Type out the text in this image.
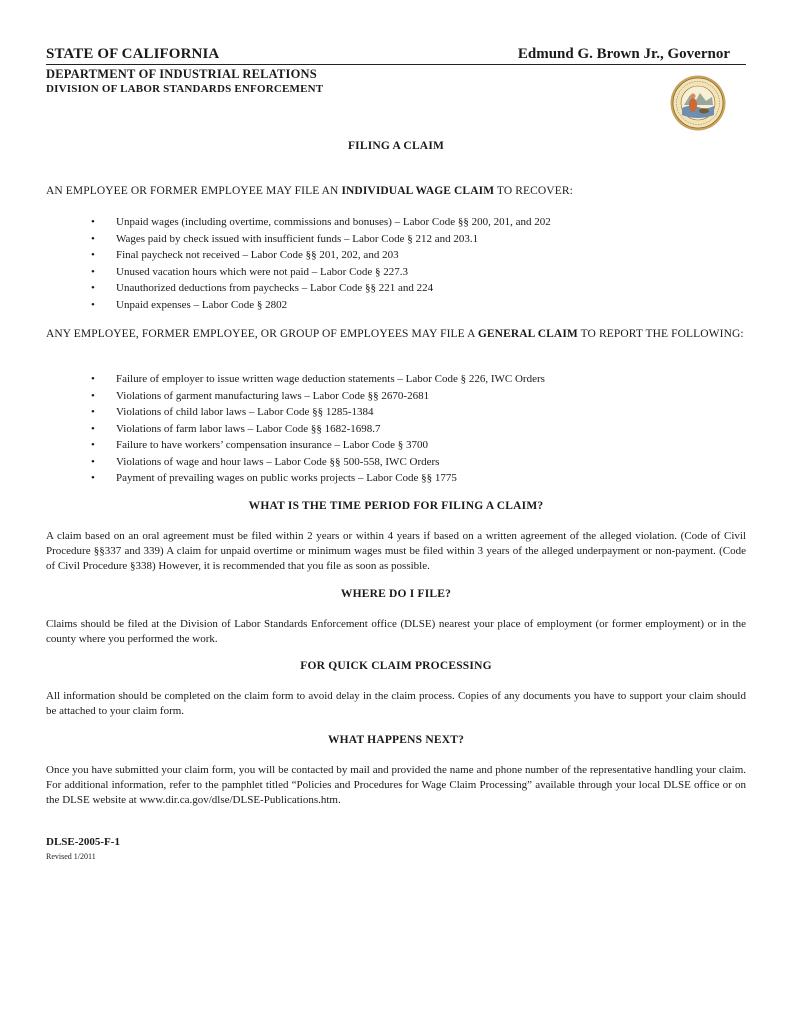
STATE OF CALIFORNIA	Edmund G. Brown Jr., Governor
DEPARTMENT OF INDUSTRIAL RELATIONS
DIVISION OF LABOR STANDARDS ENFORCEMENT
FILING A CLAIM
AN EMPLOYEE OR FORMER EMPLOYEE MAY FILE AN INDIVIDUAL WAGE CLAIM TO RECOVER:
• Unpaid wages (including overtime, commissions and bonuses) – Labor Code §§ 200, 201, and 202
• Wages paid by check issued with insufficient funds – Labor Code § 212 and 203.1
• Final paycheck not received – Labor Code §§ 201, 202, and 203
• Unused vacation hours which were not paid – Labor Code § 227.3
• Unauthorized deductions from paychecks – Labor Code §§ 221 and 224
• Unpaid expenses – Labor Code § 2802
ANY EMPLOYEE, FORMER EMPLOYEE, OR GROUP OF EMPLOYEES MAY FILE A GENERAL CLAIM TO REPORT THE FOLLOWING:
• Failure of employer to issue written wage deduction statements – Labor Code § 226, IWC Orders
• Violations of garment manufacturing laws – Labor Code §§ 2670-2681
• Violations of child labor laws – Labor Code §§ 1285-1384
• Violations of farm labor laws – Labor Code §§ 1682-1698.7
• Failure to have workers’ compensation insurance – Labor Code § 3700
• Violations of wage and hour laws – Labor Code §§ 500-558, IWC Orders
• Payment of prevailing wages on public works projects – Labor Code §§ 1775
WHAT IS THE TIME PERIOD FOR FILING A CLAIM?
A claim based on an oral agreement must be filed within 2 years or within 4 years if based on a written agreement of the alleged violation. (Code of Civil Procedure §§337 and 339) A claim for unpaid overtime or minimum wages must be filed within 3 years of the alleged underpayment or non-payment. (Code of Civil Procedure §338) However, it is recommended that you file as soon as possible.
WHERE DO I FILE?
Claims should be filed at the Division of Labor Standards Enforcement office (DLSE) nearest your place of employment (or former employment) or in the county where you performed the work.
FOR QUICK CLAIM PROCESSING
All information should be completed on the claim form to avoid delay in the claim process. Copies of any documents you have to support your claim should be attached to your claim form.
WHAT HAPPENS NEXT?
Once you have submitted your claim form, you will be contacted by mail and provided the name and phone number of the representative handling your claim. For additional information, refer to the pamphlet titled “Policies and Procedures for Wage Claim Processing” available through your local DLSE office or on the DLSE website at www.dir.ca.gov/dlse/DLSE-Publications.htm.
DLSE-2005-F-1
Revised 1/2011
